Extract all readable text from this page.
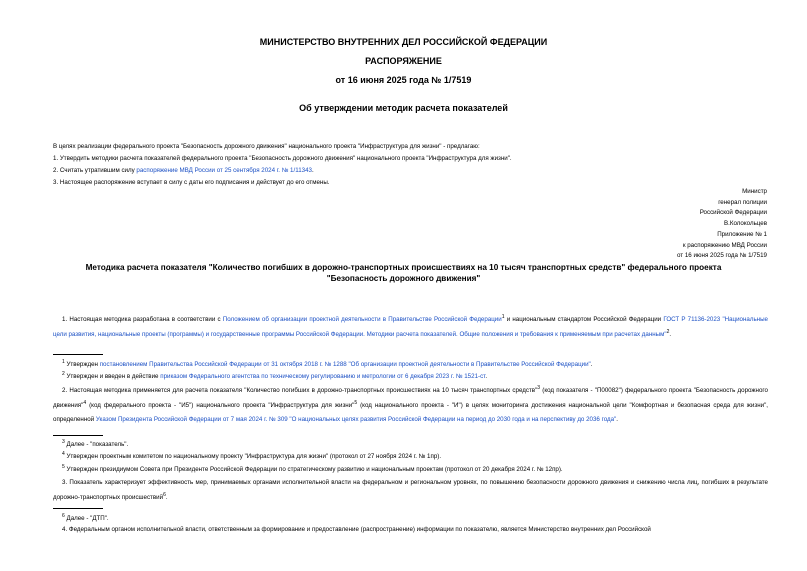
МИНИСТЕРСТВО ВНУТРЕННИХ ДЕЛ РОССИЙСКОЙ ФЕДЕРАЦИИ
РАСПОРЯЖЕНИЕ
от 16 июня 2025 года № 1/7519
Об утверждении методик расчета показателей
В целях реализации федерального проекта "Безопасность дорожного движения" национального проекта "Инфраструктура для жизни" - предлагаю:
1. Утвердить методики расчета показателей федерального проекта "Безопасность дорожного движения" национального проекта "Инфраструктура для жизни".
2. Считать утратившим силу распоряжение МВД России от 25 сентября 2024 г. № 1/11343.
3. Настоящее распоряжение вступает в силу с даты его подписания и действует до его отмены.
Министр
генерал полиции
Российской Федерации
В.Колокольцев
Приложение № 1
к распоряжению МВД России
от 16 июня 2025 года № 1/7519
Методика расчета показателя "Количество погибших в дорожно-транспортных происшествиях на 10 тысяч транспортных средств" федерального проекта
"Безопасность дорожного движения"
1. Настоящая методика разработана в соответствии с Положением об организации проектной деятельности в Правительстве Российской Федерации$^1$ и национальным стандартом Российской Федерации ГОСТ Р 71136-2023 "Национальные цели развития, национальные проекты (программы) и государственные программы Российской Федерации. Методики расчета показателей. Общие положения и требования к применяемым при расчетах данным"$^2$.
$^1$ Утвержден постановлением Правительства Российской Федерации от 31 октября 2018 г. № 1288 "Об организации проектной деятельности в Правительстве Российской Федерации".
$^2$ Утвержден и введен в действие приказом Федерального агентства по техническому регулированию и метрологии от 6 декабря 2023 г. № 1521-ст.
2. Настоящая методика применяется для расчета показателя "Количество погибших в дорожно-транспортных происшествиях на 10 тысяч транспортных средств"$^3$ (код показателя - "П00082") федерального проекта "Безопасность дорожного движения"$^4$ (код федерального проекта - "И5") национального проекта "Инфраструктура для жизни"$^5$ (код национального проекта - "И") в целях мониторинга достижения национальной цели "Комфортная и безопасная среда для жизни", определенной Указом Президента Российской Федерации от 7 мая 2024 г. № 309 "О национальных целях развития Российской Федерации на период до 2030 года и на перспективу до 2036 года".
$^3$ Далее - "показатель".
$^4$ Утвержден проектным комитетом по национальному проекту "Инфраструктура для жизни" (протокол от 27 ноября 2024 г. № 1пр).
$^5$ Утвержден президиумом Совета при Президенте Российской Федерации по стратегическому развитию и национальным проектам (протокол от 20 декабря 2024 г. № 12пр).
3. Показатель характеризует эффективность мер, принимаемых органами исполнительной власти на федеральном и региональном уровнях, по повышению безопасности дорожного движения и снижению числа лиц, погибших в результате дорожно-транспортных происшествий$^6$.
$^6$ Далее - "ДТП".
4. Федеральным органом исполнительной власти, ответственным за формирование и предоставление (распространение) информации по показателю, является Министерство внутренних дел Российской
